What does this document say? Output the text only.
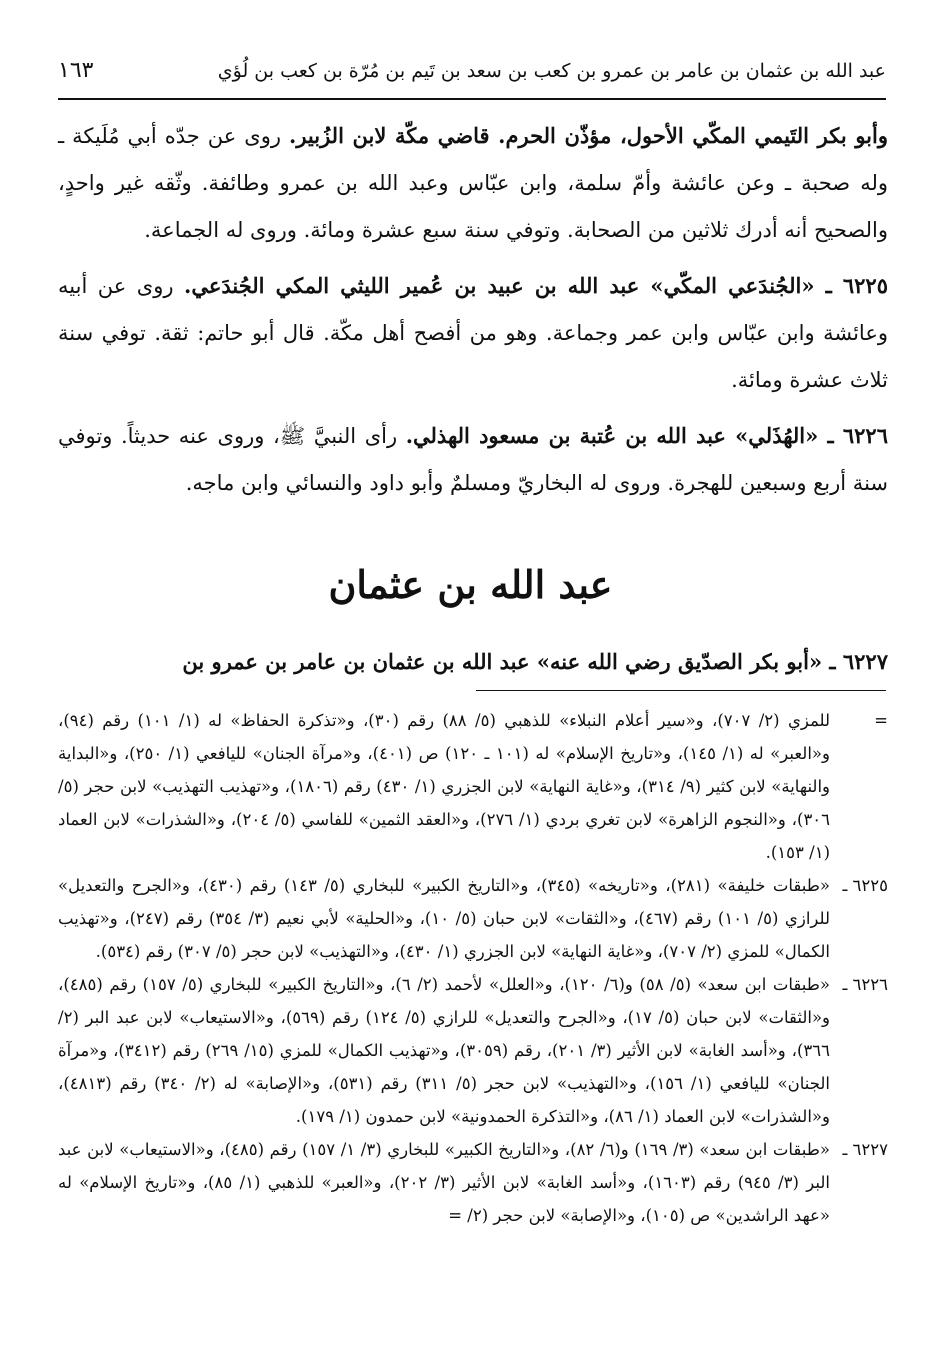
عبد الله بن عثمان بن عامر بن عمرو بن كعب بن سعد بن تَيم بن مُرّة بن كعب بن لُؤي
١٦٣

وأبو بكر التَيمي المكّي الأحول، مؤذّن الحرم. قاضي مكّة لابن الزُبير. روى عن جدّه أبي مُلَيكة ـ وله صحبة ـ وعن عائشة وأمّ سلمة، وابن عبّاس وعبد الله بن عمرو وطائفة. وثّقه غير واحدٍ، والصحيح أنه أدرك ثلاثين من الصحابة. وتوفي سنة سبع عشرة ومائة. وروى له الجماعة.

٦٢٢٥ ـ «الجُندَعي المكّي» عبد الله بن عبيد بن عُمير الليثي المكي الجُندَعي. روى عن أبيه وعائشة وابن عبّاس وابن عمر وجماعة. وهو من أفصح أهل مكّة. قال أبو حاتم: ثقة. توفي سنة ثلاث عشرة ومائة.

٦٢٢٦ ـ «الهُذَلي» عبد الله بن عُتبة بن مسعود الهذلي. رأى النبيَّ ﷺ، وروى عنه حديثاً. وتوفي سنة أربع وسبعين للهجرة. وروى له البخاريّ ومسلمٌ وأبو داود والنسائي وابن ماجه.

عبد الله بن عثمان
٦٢٢٧ ـ «أبو بكر الصدّيق رضي الله عنه» عبد الله بن عثمان بن عامر بن عمرو بن
=
للمزي (٢/ ٧٠٧)، و«سير أعلام النبلاء» للذهبي (٥/ ٨٨) رقم (٣٠)، و«تذكرة الحفاظ» له (١/ ١٠١) رقم (٩٤)، و«العبر» له (١/ ١٤٥)، و«تاريخ الإسلام» له (١٠١ ـ ١٢٠) ص (٤٠١)، و«مرآة الجنان» لليافعي (١/ ٢٥٠)، و«البداية والنهاية» لابن كثير (٩/ ٣١٤)، و«غاية النهاية» لابن الجزري (١/ ٤٣٠) رقم (١٨٠٦)، و«تهذيب التهذيب» لابن حجر (٥/ ٣٠٦)، و«النجوم الزاهرة» لابن تغري بردي (١/ ٢٧٦)، و«العقد الثمين» للفاسي (٥/ ٢٠٤)، و«الشذرات» لابن العماد (١/ ١٥٣).
٦٢٢٥ ـ
«طبقات خليفة» (٢٨١)، و«تاريخه» (٣٤٥)، و«التاريخ الكبير» للبخاري (٥/ ١٤٣) رقم (٤٣٠)، و«الجرح والتعديل» للرازي (٥/ ١٠١) رقم (٤٦٧)، و«الثقات» لابن حبان (٥/ ١٠)، و«الحلية» لأبي نعيم (٣/ ٣٥٤) رقم (٢٤٧)، و«تهذيب الكمال» للمزي (٢/ ٧٠٧)، و«غاية النهاية» لابن الجزري (١/ ٤٣٠)، و«التهذيب» لابن حجر (٥/ ٣٠٧) رقم (٥٣٤).
٦٢٢٦ ـ
«طبقات ابن سعد» (٥/ ٥٨) و(٦/ ١٢٠)، و«العلل» لأحمد (٢/ ٦)، و«التاريخ الكبير» للبخاري (٥/ ١٥٧) رقم (٤٨٥)، و«الثقات» لابن حبان (٥/ ١٧)، و«الجرح والتعديل» للرازي (٥/ ١٢٤) رقم (٥٦٩)، و«الاستيعاب» لابن عبد البر (٢/ ٣٦٦)، و«أسد الغابة» لابن الأثير (٣/ ٢٠١)، رقم (٣٠٥٩)، و«تهذيب الكمال» للمزي (١٥/ ٢٦٩) رقم (٣٤١٢)، و«مرآة الجنان» لليافعي (١/ ١٥٦)، و«التهذيب» لابن حجر (٥/ ٣١١) رقم (٥٣١)، و«الإصابة» له (٢/ ٣٤٠) رقم (٤٨١٣)، و«الشذرات» لابن العماد (١/ ٨٦)، و«التذكرة الحمدونية» لابن حمدون (١/ ١٧٩).
٦٢٢٧ ـ
«طبقات ابن سعد» (٣/ ١٦٩) و(٦/ ٨٢)، و«التاريخ الكبير» للبخاري (٣/ ١/ ١٥٧) رقم (٤٨٥)، و«الاستيعاب» لابن عبد البر (٣/ ٩٤٥) رقم (١٦٠٣)، و«أسد الغابة» لابن الأثير (٣/ ٢٠٢)، و«العبر» للذهبي (١/ ٨٥)، و«تاريخ الإسلام» له «عهد الراشدين» ص (١٠٥)، و«الإصابة» لابن حجر (٢/ =
